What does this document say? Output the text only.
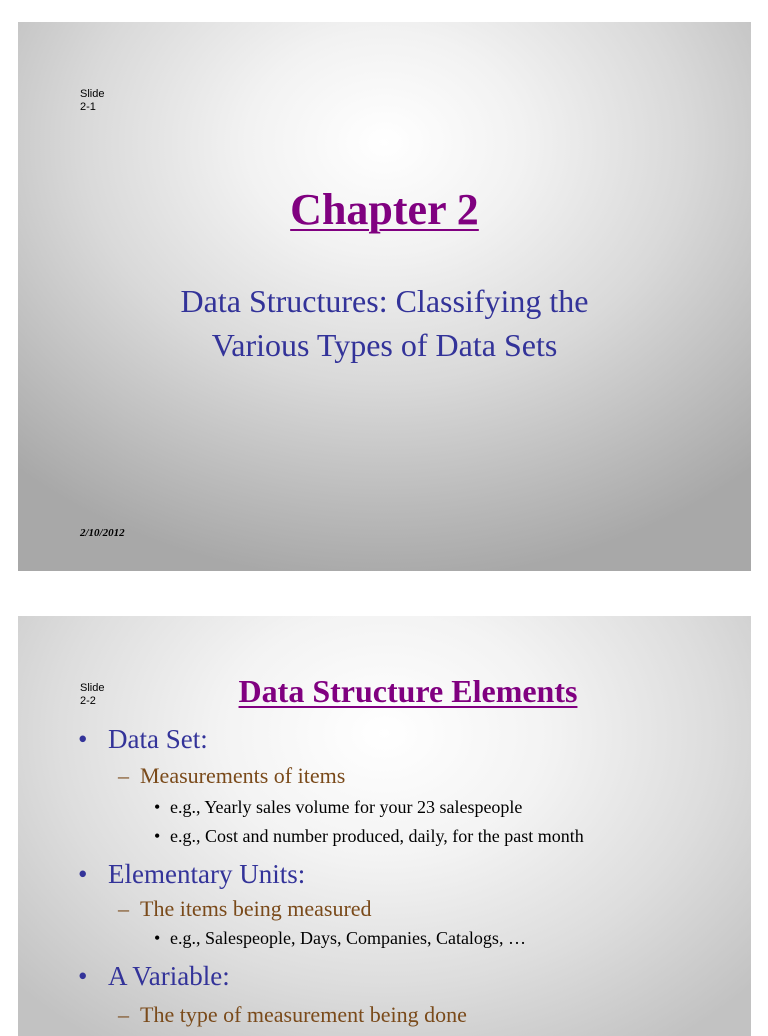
Slide
2-1
Chapter 2
Data Structures: Classifying the
Various Types of Data Sets
2/10/2012
Slide
2-2	Data Structure Elements
• Data Set:
– Measurements of items
• e.g., Yearly sales volume for your 23 salespeople
• e.g., Cost and number produced, daily, for the past month
• Elementary Units:
– The items being measured
• e.g., Salespeople, Days, Companies, Catalogs, …
• A Variable:
– The type of measurement being done
